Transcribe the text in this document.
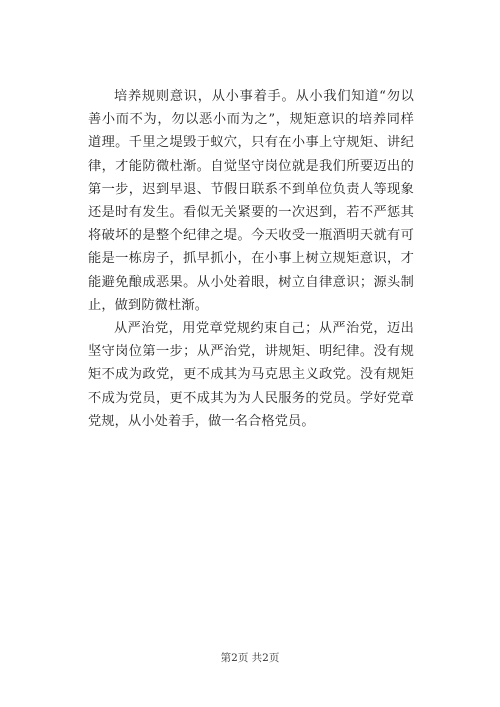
培养规则意识，从小事着手。从小我们知道“勿以善小而不为，勿以恶小而为之”，规矩意识的培养同样道理。千里之堤毁于蚁穴，只有在小事上守规矩、讲纪律，才能防微杜渐。自觉坚守岗位就是我们所要迈出的第一步，迟到早退、节假日联系不到单位负责人等现象还是时有发生。看似无关紧要的一次迟到，若不严惩其将破坏的是整个纪律之堤。今天收受一瓶酒明天就有可能是一栋房子，抓早抓小，在小事上树立规矩意识，才能避免酿成恶果。从小处着眼，树立自律意识；源头制止，做到防微杜渐。

从严治党，用党章党规约束自己；从严治党，迈出坚守岗位第一步；从严治党，讲规矩、明纪律。没有规矩不成为政党，更不成其为马克思主义政党。没有规矩不成为党员，更不成其为为人民服务的党员。学好党章党规，从小处着手，做一名合格党员。

第2页 共2页
